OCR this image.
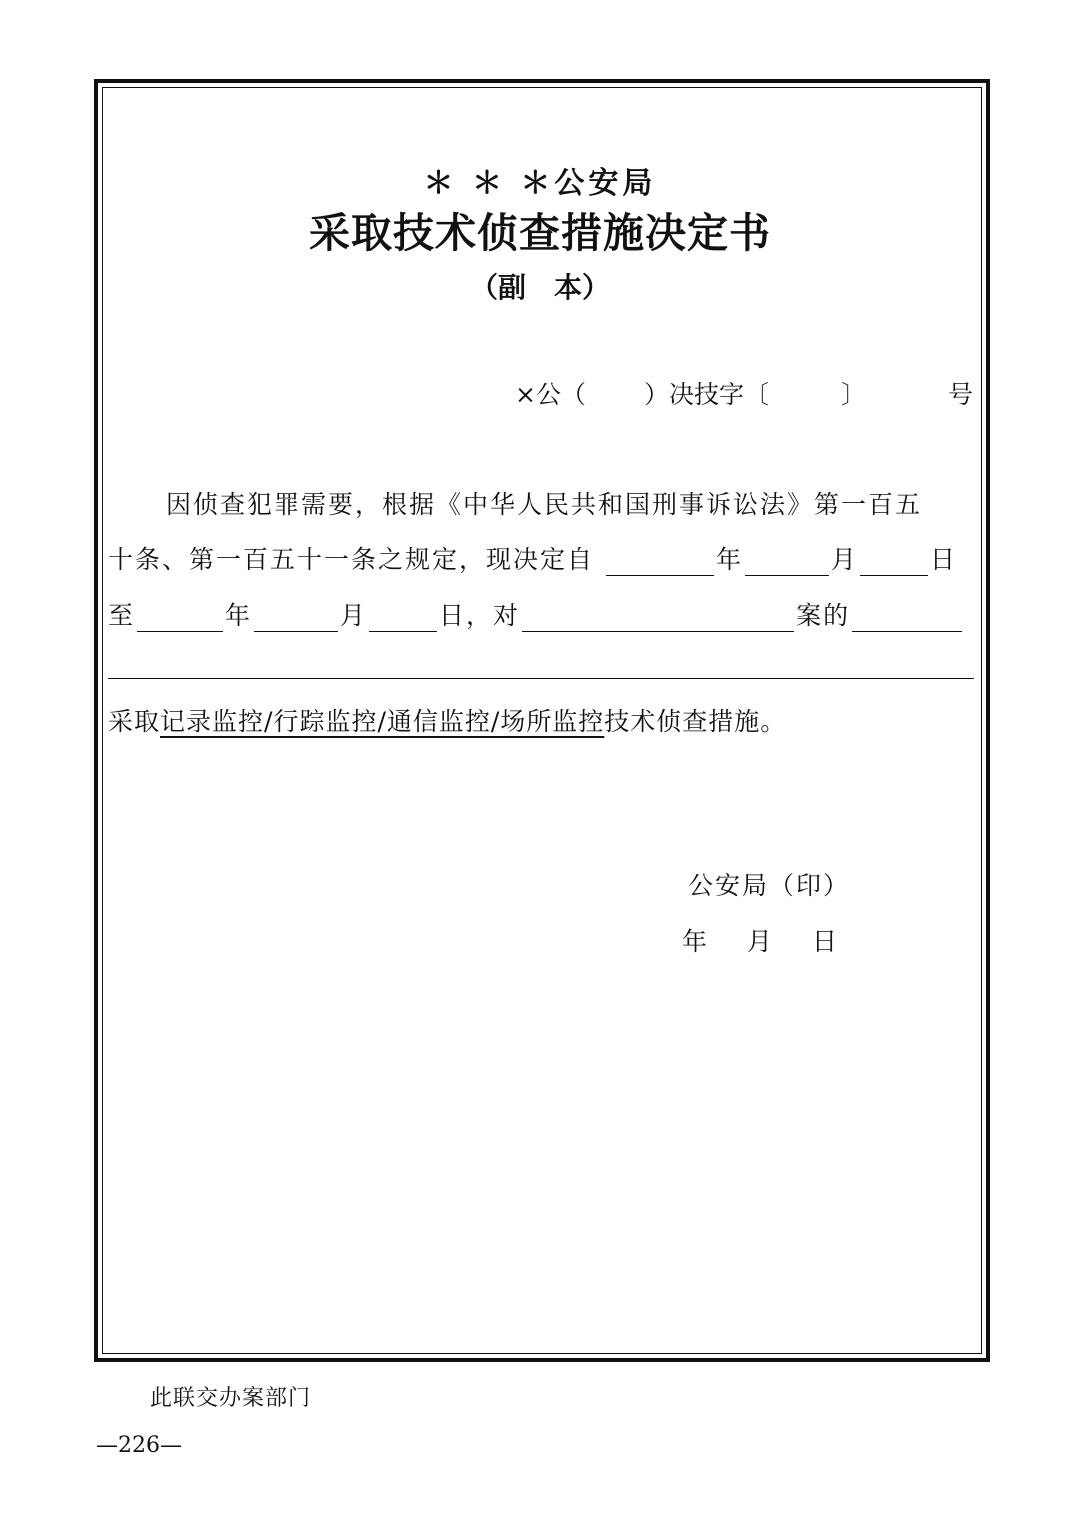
＊ ＊ ＊公安局
采取技术侦查措施决定书
（副　本）
×公（ ）决技字〔	〕	号
因侦查犯罪需要，根据《中华人民共和国刑事诉讼法》第一百五
十条、第一百五十一条之规定，现决定自	年	月	日
至	年	月	日，对	案的
采取记录监控/行踪监控/通信监控/场所监控技术侦查措施。
公安局（印）
年 月 日
此联交办案部门
—226—
